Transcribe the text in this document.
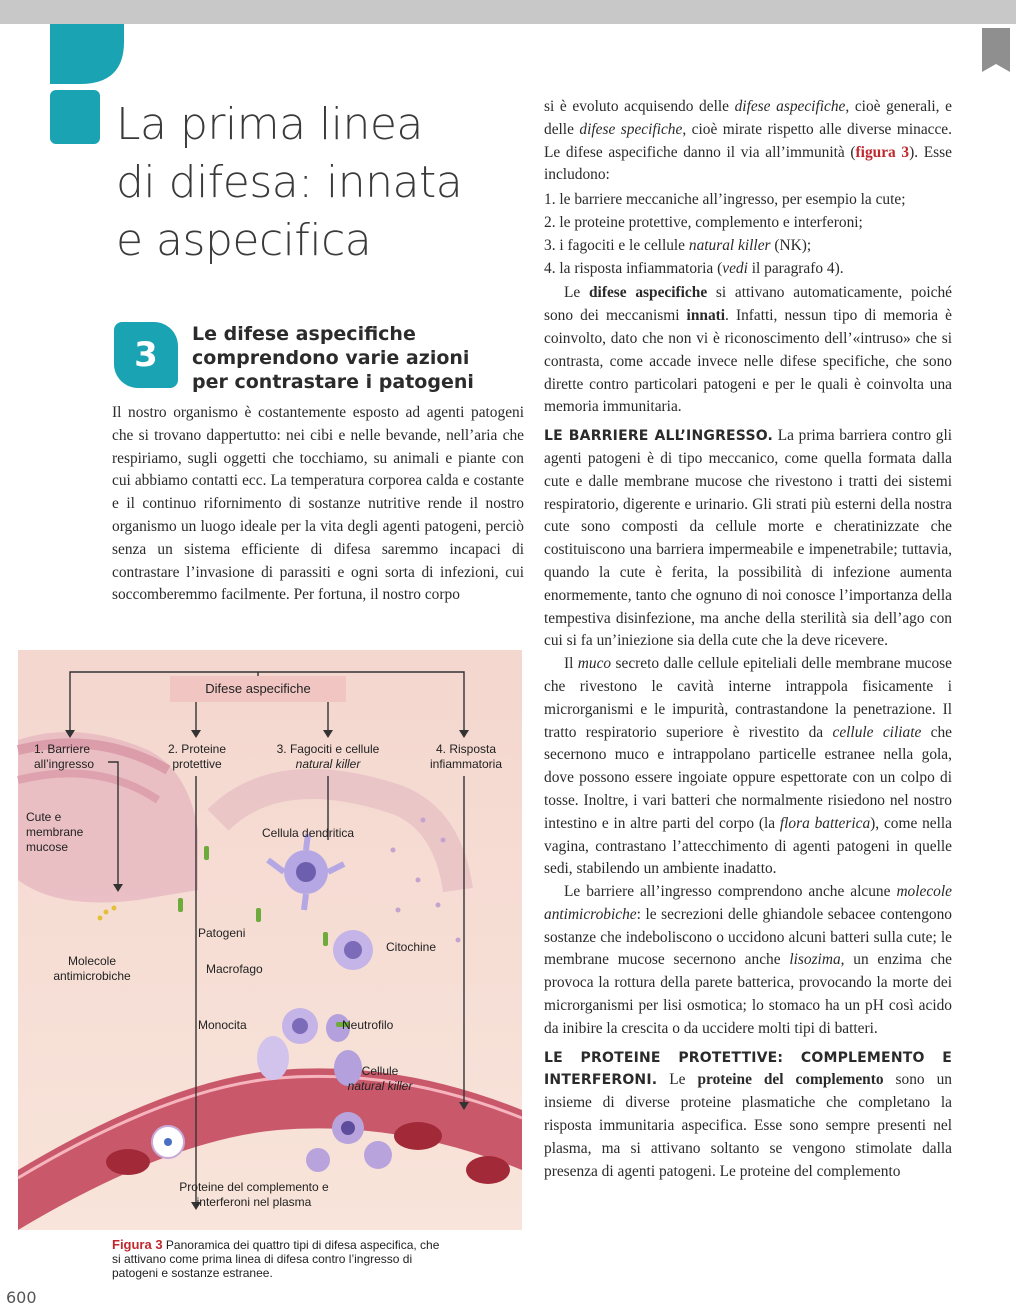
La prima linea
di difesa: innata
e aspecifica
3
Le difese aspecifiche
comprendono varie azioni
per contrastare i patogeni

Il nostro organismo è costantemente esposto ad agenti patogeni che si trovano dappertutto: nei cibi e nelle bevande, nell’aria che respiriamo, sugli oggetti che tocchiamo, su animali e piante con cui abbiamo contatti ecc. La temperatura corporea calda e costante e il continuo rifornimento di sostanze nutritive rende il nostro organismo un luogo ideale per la vita degli agenti patogeni, perciò senza un sistema efficiente di difesa saremmo incapaci di contrastare l’invasione di parassiti e ogni sorta di infezioni, cui soccomberemmo facilmente. Per fortuna, il nostro corpo

si è evoluto acquisendo delle difese aspecifiche, cioè generali, e delle difese specifiche, cioè mirate rispetto alle diverse minacce. Le difese aspecifiche danno il via all’immunità (figura 3). Esse includono:

1. le barriere meccaniche all’ingresso, per esempio la cute;
2. le proteine protettive, complemento e interferoni;
3. i fagociti e le cellule natural killer (NK);
4. la risposta infiammatoria (vedi il paragrafo 4).

Le difese aspecifiche si attivano automaticamente, poiché sono dei meccanismi innati. Infatti, nessun tipo di memoria è coinvolto, dato che non vi è riconoscimento dell’«intruso» che si contrasta, come accade invece nelle difese specifiche, che sono dirette contro particolari patogeni e per le quali è coinvolta una memoria immunitaria.

LE BARRIERE ALL’INGRESSO. La prima barriera contro gli agenti patogeni è di tipo meccanico, come quella formata dalla cute e dalle membrane mucose che rivestono i tratti dei sistemi respiratorio, digerente e urinario. Gli strati più esterni della nostra cute sono composti da cellule morte e cheratinizzate che costituiscono una barriera impermeabile e impenetrabile; tuttavia, quando la cute è ferita, la possibilità di infezione aumenta enormemente, tanto che ognuno di noi conosce l’importanza della tempestiva disinfezione, ma anche della sterilità sia dell’ago con cui si fa un’iniezione sia della cute che la deve ricevere.

Il muco secreto dalle cellule epiteliali delle membrane mucose che rivestono le cavità interne intrappola fisicamente i microrganismi e le impurità, contrastandone la penetrazione. Il tratto respiratorio superiore è rivestito da cellule ciliate che secernono muco e intrappolano particelle estranee nella gola, dove possono essere ingoiate oppure espettorate con un colpo di tosse. Inoltre, i vari batteri che normalmente risiedono nel nostro intestino e in altre parti del corpo (la flora batterica), come nella vagina, contrastano l’attecchimento di agenti patogeni in quelle sedi, stabilendo un ambiente inadatto.

Le barriere all’ingresso comprendono anche alcune molecole antimicrobiche: le secrezioni delle ghiandole sebacee contengono sostanze che indeboliscono o uccidono alcuni batteri sulla cute; le membrane mucose secernono anche lisozima, un enzima che provoca la rottura della parete batterica, provocando la morte dei microrganismi per lisi osmotica; lo stomaco ha un pH così acido da inibire la crescita o da uccidere molti tipi di batteri.

LE PROTEINE PROTETTIVE: COMPLEMENTO E INTERFERONI. Le proteine del complemento sono un insieme di diverse proteine plasmatiche che completano la risposta immunitaria aspecifica. Esse sono sempre presenti nel plasma, ma si attivano soltanto se vengono stimolate dalla presenza di agenti patogeni. Le proteine del complemento

Difese aspecifiche
1. Barriere all’ingresso
2. Proteine protettive
3. Fagociti e cellule
natural killer
4. Risposta infiammatoria
Cute e membrane mucose
Cellula dendritica
Patogeni
Citochine
Molecole antimicrobiche	Macrofago
Monocita	Neutrofilo
Cellule
natural killer
Proteine del complemento e interferoni nel plasma
Figura 3 Panoramica dei quattro tipi di difesa aspecifica, che si attivano come prima linea di difesa contro l’ingresso di patogeni e sostanze estranee.
600
